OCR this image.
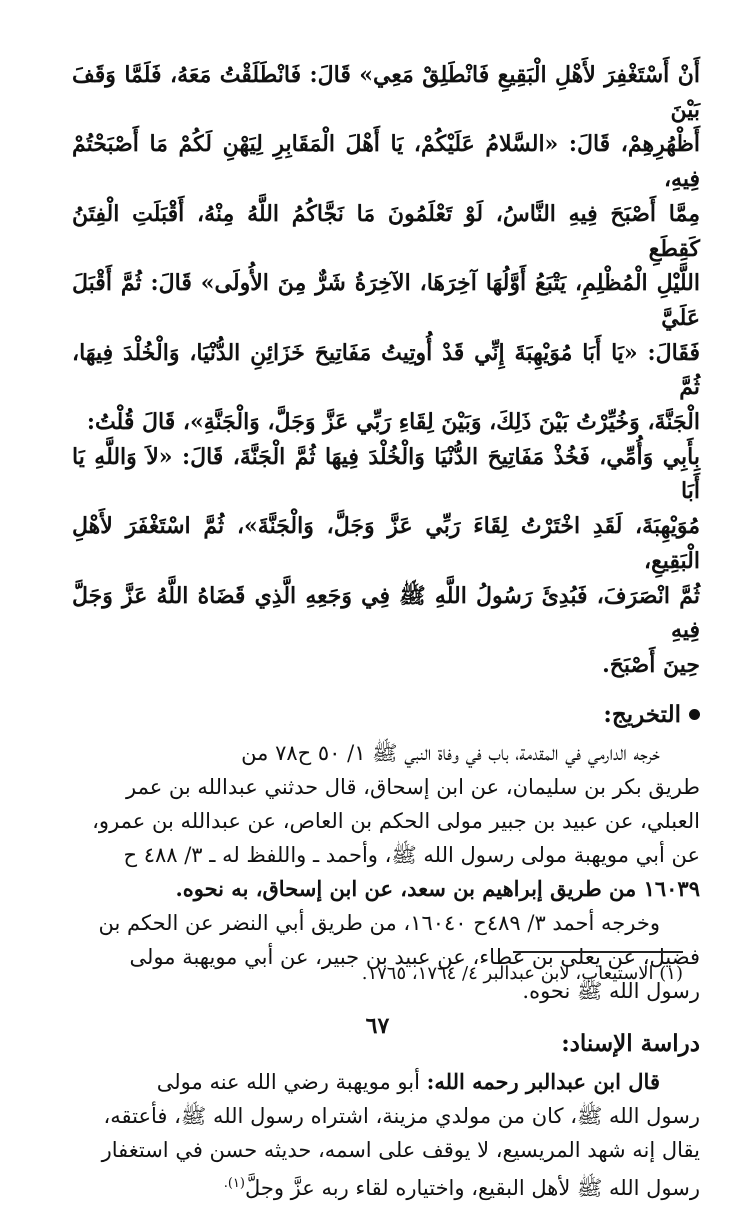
أَنْ أَسْتَغْفِرَ لأَهْلِ الْبَقِيعِ فَانْطَلِقْ مَعِي» قَالَ: فَانْطَلَقْتُ مَعَهُ، فَلَمَّا وَقَفَ بَيْنَ

أَظْهُرِهِمْ، قَالَ: «السَّلامُ عَلَيْكُمْ، يَا أَهْلَ الْمَقَابِرِ لِيَهْنِ لَكُمْ مَا أَصْبَحْتُمْ فِيهِ،

مِمَّا أَصْبَحَ فِيهِ النَّاسُ، لَوْ تَعْلَمُونَ مَا نَجَّاكُمُ اللَّهُ مِنْهُ، أَقْبَلَتِ الْفِتَنُ كَقِطَعِ

اللَّيْلِ الْمُظْلِمِ، يَتْبَعُ أَوَّلُهَا آخِرَهَا، الآخِرَةُ شَرٌّ مِنَ الأُولَى» قَالَ: ثُمَّ أَقْبَلَ عَلَيَّ

فَقَالَ: «يَا أَبَا مُوَيْهِبَةَ إِنِّي قَدْ أُوتِيتُ مَفَاتِيحَ خَزَائِنِ الدُّنْيَا، وَالْخُلْدَ فِيهَا، ثُمَّ

الْجَنَّةَ، وَخُيِّرْتُ بَيْنَ ذَلِكَ، وَبَيْنَ لِقَاءِ رَبِّي عَزَّ وَجَلَّ، وَالْجَنَّةِ»، قَالَ قُلْتُ:

بِأَبِي وَأُمِّي، فَخُذْ مَفَاتِيحَ الدُّنْيَا وَالْخُلْدَ فِيهَا ثُمَّ الْجَنَّةَ، قَالَ: «لاَ وَاللَّهِ يَا أَبَا

مُوَيْهِبَةَ، لَقَدِ اخْتَرْتُ لِقَاءَ رَبِّي عَزَّ وَجَلَّ، وَالْجَنَّةَ»، ثُمَّ اسْتَغْفَرَ لأَهْلِ الْبَقِيعِ،

ثُمَّ انْصَرَفَ، فَبُدِئَ رَسُولُ اللَّهِ ﷺ فِي وَجَعِهِ الَّذِي قَضَاهُ اللَّهُ عَزَّ وَجَلَّ فِيهِ

حِينَ أَصْبَحَ.

التخريج:

خرجه الدارمي في المقدمة، باب في وفاة النبي ﷺ ١/ ٥٠ ح٧٨ من

طريق بكر بن سليمان، عن ابن إسحاق، قال حدثني عبدالله بن عمر

العبلي، عن عبيد بن جبير مولى الحكم بن العاص، عن عبدالله بن عمرو،

عن أبي مويهبة مولى رسول الله ﷺ، وأحمد ـ واللفظ له ـ ٣/ ٤٨٨ ح

١٦٠٣٩ من طريق إبراهيم بن سعد، عن ابن إسحاق، به نحوه.

وخرجه أحمد ٣/ ٤٨٩ح ١٦٠٤٠، من طريق أبي النضر عن الحكم بن

فضيل، عن يعلى بن عطاء، عن عبيد بن جبير، عن أبي مويهبة مولى

رسول الله ﷺ نحوه.

دراسة الإسناد:

قال ابن عبدالبر رحمه الله: أبو مويهبة رضي الله عنه مولى

رسول الله ﷺ، كان من مولدي مزينة، اشتراه رسول الله ﷺ، فأعتقه،

يقال إنه شهد المريسيع، لا يوقف على اسمه، حديثه حسن في استغفار

رسول الله ﷺ لأهل البقيع، واختياره لقاء ربه عزَّ وجلَّ$^{(١).}$

(١) الاستيعاب، لابن عبدالبر ٤/ ١٧٦٤، ١٧٦٥.
٦٧
